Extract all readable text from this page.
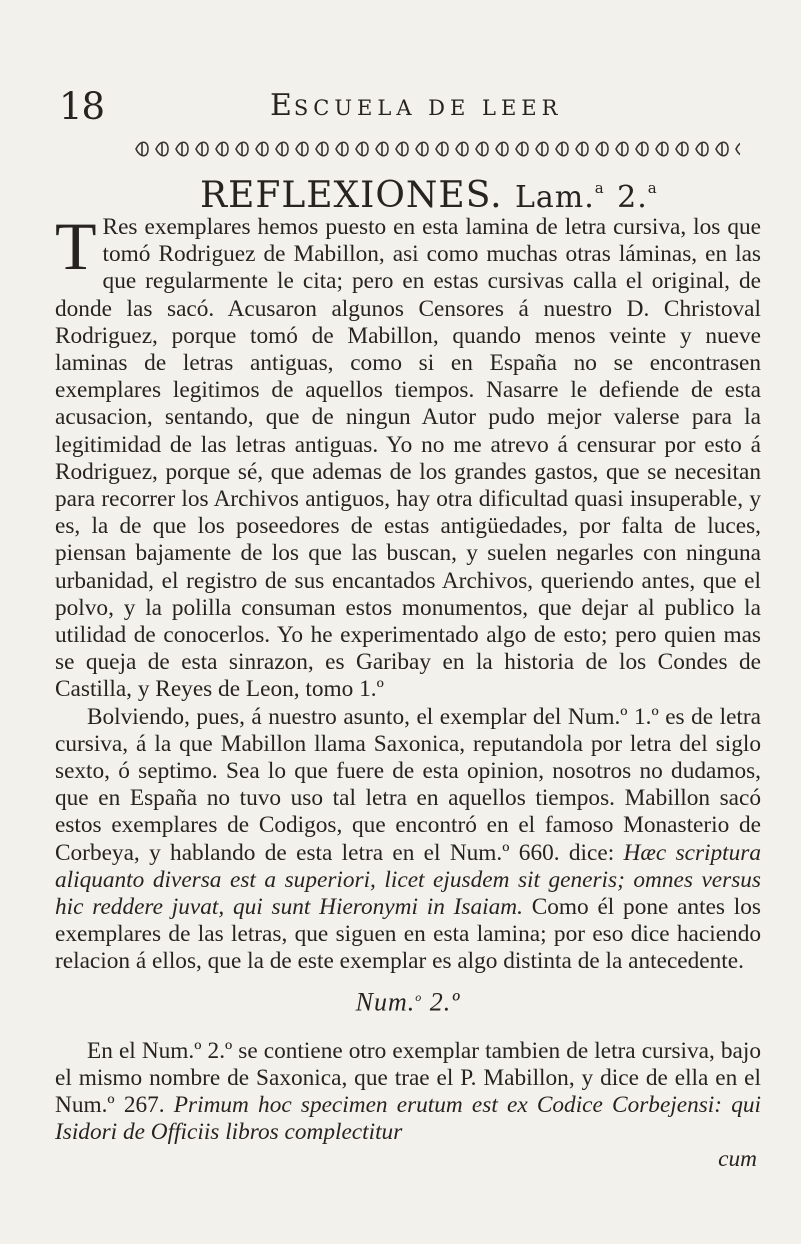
18	ESCUELA DE LEER
REFLEXIONES. Lam.$^a$ 2.$^a$

T Res exemplares hemos puesto en esta lamina de letra cursiva, los que tomó Rodriguez de Mabillon, asi como muchas otras láminas, en las que regularmente le cita; pero en estas cursivas calla el original, de donde las sacó. Acusaron algunos Censores á nuestro D. Christoval Rodriguez, porque tomó de Mabillon, quando menos veinte y nueve laminas de letras antiguas, como si en España no se encontrasen exemplares legitimos de aquellos tiempos. Nasarre le defiende de esta acusacion, sentando, que de ningun Autor pudo mejor valerse para la legitimidad de las letras antiguas. Yo no me atrevo á censurar por esto á Rodriguez, porque sé, que ademas de los grandes gastos, que se necesitan para recorrer los Archivos antiguos, hay otra dificultad quasi insuperable, y es, la de que los poseedores de estas antigüedades, por falta de luces, piensan bajamente de los que las buscan, y suelen negarles con ninguna urbanidad, el registro de sus encantados Archivos, queriendo antes, que el polvo, y la polilla consuman estos monumentos, que dejar al publico la utilidad de conocerlos. Yo he experimentado algo de esto; pero quien mas se queja de esta sinrazon, es Garibay en la historia de los Condes de Castilla, y Reyes de Leon, tomo 1.º

Bolviendo, pues, á nuestro asunto, el exemplar del Num.º 1.º es de letra cursiva, á la que Mabillon llama Saxonica, reputandola por letra del siglo sexto, ó septimo. Sea lo que fuere de esta opinion, nosotros no dudamos, que en España no tuvo uso tal letra en aquellos tiempos. Mabillon sacó estos exemplares de Codigos, que encontró en el famoso Monasterio de Corbeya, y hablando de esta letra en el Num.º 660. dice: Hæc scriptura aliquanto diversa est a superiori, licet ejusdem sit generis; omnes versus hic reddere juvat, qui sunt Hieronymi in Isaiam. Como él pone antes los exemplares de las letras, que siguen en esta lamina; por eso dice haciendo relacion á ellos, que la de este exemplar es algo distinta de la antecedente.

Num.$^o$ 2.º

En el Num.º 2.º se contiene otro exemplar tambien de letra cursiva, bajo el mismo nombre de Saxonica, que trae el P. Mabillon, y dice de ella en el Num.º 267. Primum hoc specimen erutum est ex Codice Corbejensi: qui Isidori de Officiis libros complectitur

cum
